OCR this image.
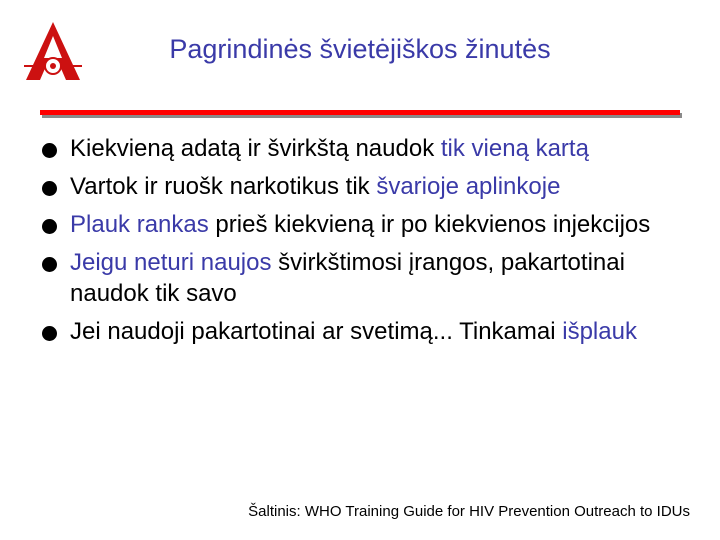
Pagrindinės švietėjiškos žinutės
Kiekvieną adatą ir švirkštą naudok tik vieną kartą
Vartok ir ruošk narkotikus tik švarioje aplinkoje
Plauk rankas prieš kiekvieną ir po kiekvienos injekcijos
Jeigu neturi naujos švirkštimosi įrangos, pakartotinai naudok tik savo
Jei naudoji pakartotinai ar svetimą... Tinkamai išplauk
Šaltinis: WHO Training Guide for HIV Prevention Outreach to IDUs
